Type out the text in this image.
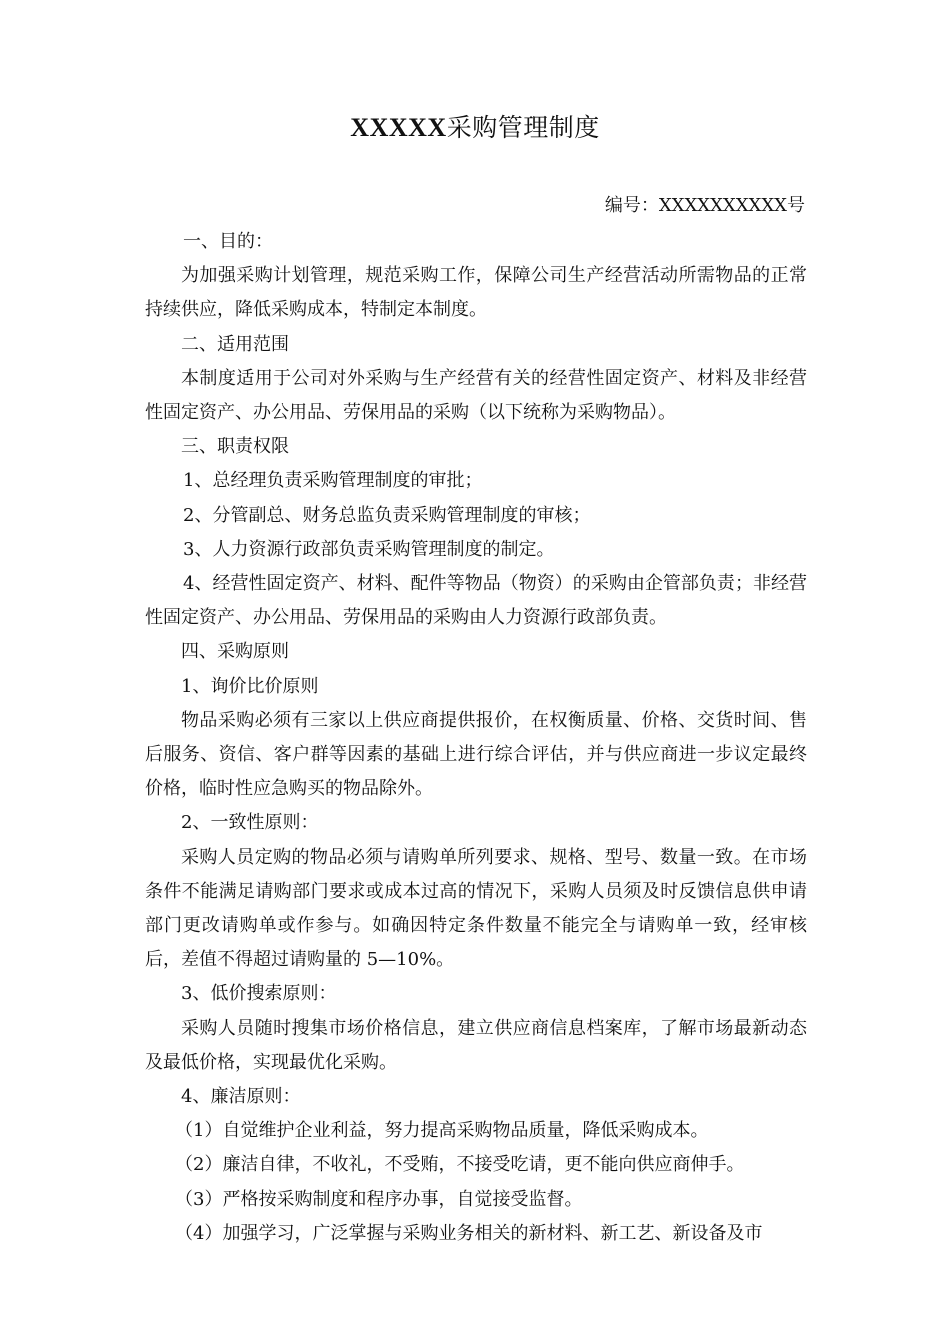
XXXXX采购管理制度
编号：XXXXXXXXXX号

一、目的：

为加强采购计划管理，规范采购工作，保障公司生产经营活动所需物品的正常持续供应，降低采购成本，特制定本制度。

二、适用范围

本制度适用于公司对外采购与生产经营有关的经营性固定资产、材料及非经营性固定资产、办公用品、劳保用品的采购（以下统称为采购物品）。

三、职责权限

1、总经理负责采购管理制度的审批；

2、分管副总、财务总监负责采购管理制度的审核；

3、人力资源行政部负责采购管理制度的制定。

4、经营性固定资产、材料、配件等物品（物资）的采购由企管部负责；非经营性固定资产、办公用品、劳保用品的采购由人力资源行政部负责。

四、采购原则

1、询价比价原则

物品采购必须有三家以上供应商提供报价，在权衡质量、价格、交货时间、售后服务、资信、客户群等因素的基础上进行综合评估，并与供应商进一步议定最终价格，临时性应急购买的物品除外。

2、一致性原则：

采购人员定购的物品必须与请购单所列要求、规格、型号、数量一致。在市场条件不能满足请购部门要求或成本过高的情况下，采购人员须及时反馈信息供申请部门更改请购单或作参与。如确因特定条件数量不能完全与请购单一致，经审核后，差值不得超过请购量的 5—10%。

3、低价搜索原则：

采购人员随时搜集市场价格信息，建立供应商信息档案库，了解市场最新动态及最低价格，实现最优化采购。

4、廉洁原则：

（1）自觉维护企业利益，努力提高采购物品质量，降低采购成本。

（2）廉洁自律，不收礼，不受贿，不接受吃请，更不能向供应商伸手。

（3）严格按采购制度和程序办事，自觉接受监督。

（4）加强学习，广泛掌握与采购业务相关的新材料、新工艺、新设备及市
